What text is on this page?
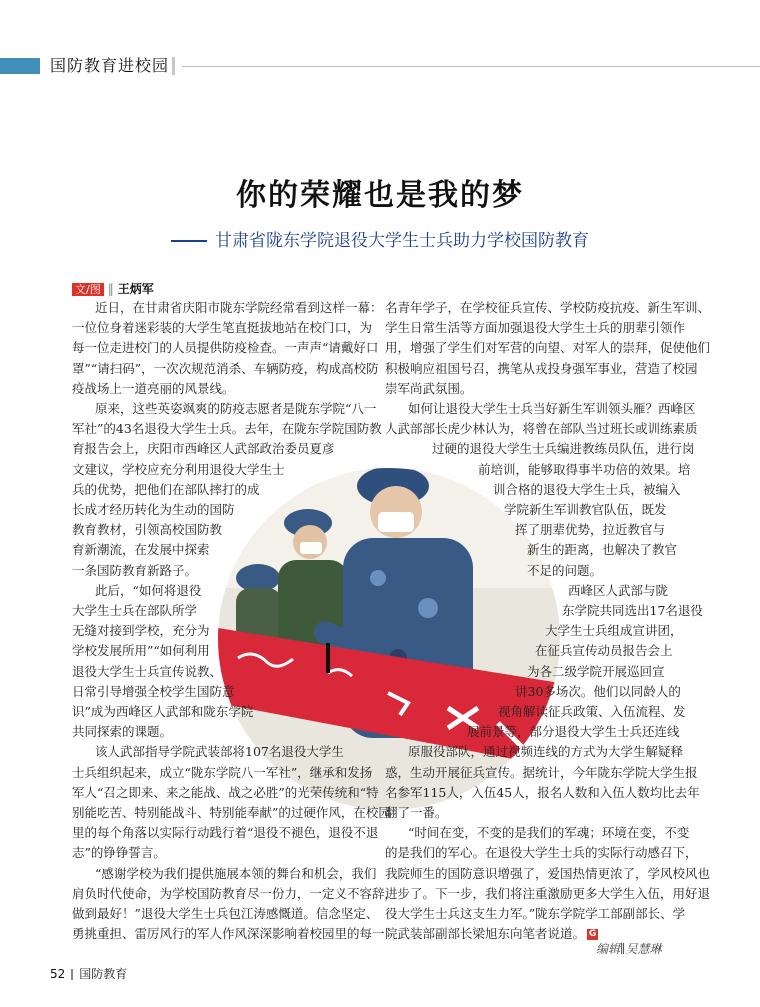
国防教育进校园
你的荣耀也是我的梦
甘肃省陇东学院退役大学生士兵助力学校国防教育
文/图 ‖ 王炳军
近日，在甘肃省庆阳市陇东学院经常看到这样一幕：
一位位身着迷彩装的大学生笔直挺拔地站在校门口，为
每一位走进校门的人员提供防疫检查。一声声“请戴好口
罩”“请扫码”，一次次规范消杀、车辆防疫，构成高校防
疫战场上一道亮丽的风景线。
原来，这些英姿飒爽的防疫志愿者是陇东学院“八一
军社”的43名退役大学生士兵。去年，在陇东学院国防教
育报告会上，庆阳市西峰区人武部政治委员夏彦
文建议，学校应充分利用退役大学生士
兵的优势，把他们在部队摔打的成
长成才经历转化为生动的国防
教育教材，引领高校国防教
育新潮流，在发展中探索
一条国防教育新路子。
此后，“如何将退役
大学生士兵在部队所学
无缝对接到学校，充分为
学校发展所用”“如何利用
退役大学生士兵宣传说教、
日常引导增强全校学生国防意
识”成为西峰区人武部和陇东学院
共同探索的课题。
该人武部指导学院武装部将107名退役大学生
士兵组织起来，成立“陇东学院八一军社”，继承和发扬
军人“召之即来、来之能战、战之必胜”的光荣传统和“特
别能吃苦、特别能战斗、特别能奉献”的过硬作风，在校园
里的每个角落以实际行动践行着“退役不褪色，退役不退
志”的铮铮誓言。
“感谢学校为我们提供施展本领的舞台和机会，我们
肩负时代使命，为学校国防教育尽一份力，一定义不容辞，
做到最好！”退役大学生士兵包江涛感慨道。信念坚定、
勇挑重担、雷厉风行的军人作风深深影响着校园里的每一
名青年学子，在学校征兵宣传、学校防疫抗疫、新生军训、
学生日常生活等方面加强退役大学生士兵的朋辈引领作
用，增强了学生们对军营的向望、对军人的崇拜，促使他们
积极响应祖国号召，携笔从戎投身强军事业，营造了校园
崇军尚武氛围。
如何让退役大学生士兵当好新生军训领头雁？西峰区
人武部部长虎少林认为，将曾在部队当过班长或训练素质
过硬的退役大学生士兵编进教练员队伍，进行岗
前培训，能够取得事半功倍的效果。培
训合格的退役大学生士兵，被编入
学院新生军训教官队伍，既发
挥了朋辈优势，拉近教官与
新生的距离，也解决了教官
不足的问题。
西峰区人武部与陇
东学院共同选出17名退役
大学生士兵组成宣讲团，
在征兵宣传动员报告会上
为各二级学院开展巡回宣
讲30多场次。他们以同龄人的
视角解读征兵政策、入伍流程、发
展前景等，部分退役大学生士兵还连线
原服役部队，通过视频连线的方式为大学生解疑释
惑，生动开展征兵宣传。据统计，今年陇东学院大学生报
名参军115人，入伍45人，报名人数和入伍人数均比去年
翻了一番。
“时间在变，不变的是我们的军魂；环境在变，不变
的是我们的军心。在退役大学生士兵的实际行动感召下，
我院师生的国防意识增强了，爱国热情更浓了，学风校风也
进步了。下一步，我们将注重激励更多大学生入伍，用好退
役大学生士兵这支生力军。”陇东学院学工部副部长、学
院武装部副部长梁旭东向笔者说道。 G
编辑∥吴慧琳
52 国防教育
